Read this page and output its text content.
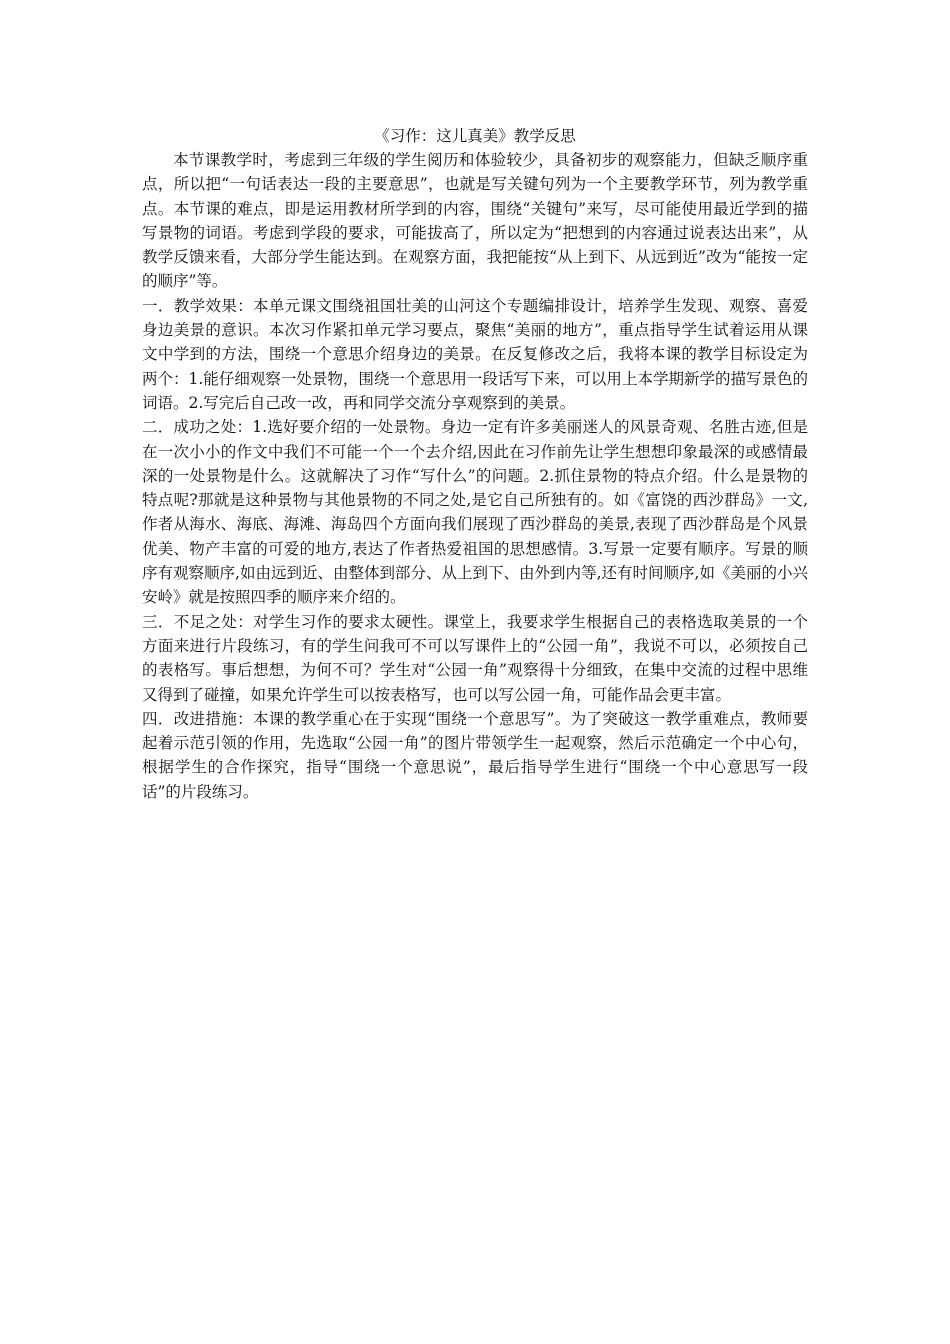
《习作：这儿真美》教学反思

本节课教学时，考虑到三年级的学生阅历和体验较少，具备初步的观察能力，但缺乏顺序重点，所以把“一句话表达一段的主要意思”，也就是写关键句列为一个主要教学环节，列为教学重点。本节课的难点，即是运用教材所学到的内容，围绕“关键句”来写，尽可能使用最近学到的描写景物的词语。考虑到学段的要求，可能拔高了，所以定为“把想到的内容通过说表达出来”，从教学反馈来看，大部分学生能达到。在观察方面，我把能按“从上到下、从远到近”改为“能按一定的顺序”等。

一．教学效果：本单元课文围绕祖国壮美的山河这个专题编排设计，培养学生发现、观察、喜爱身边美景的意识。本次习作紧扣单元学习要点，聚焦“美丽的地方”，重点指导学生试着运用从课文中学到的方法，围绕一个意思介绍身边的美景。在反复修改之后，我将本课的教学目标设定为两个：1.能仔细观察一处景物，围绕一个意思用一段话写下来，可以用上本学期新学的描写景色的词语。2.写完后自己改一改，再和同学交流分享观察到的美景。

二．成功之处：1.选好要介绍的一处景物。身边一定有许多美丽迷人的风景奇观、名胜古迹,但是在一次小小的作文中我们不可能一个一个去介绍,因此在习作前先让学生想想印象最深的或感情最深的一处景物是什么。这就解决了习作“写什么”的问题。2.抓住景物的特点介绍。什么是景物的特点呢?那就是这种景物与其他景物的不同之处,是它自己所独有的。如《富饶的西沙群岛》一文,作者从海水、海底、海滩、海岛四个方面向我们展现了西沙群岛的美景,表现了西沙群岛是个风景优美、物产丰富的可爱的地方,表达了作者热爱祖国的思想感情。3.写景一定要有顺序。写景的顺序有观察顺序,如由远到近、由整体到部分、从上到下、由外到内等,还有时间顺序,如《美丽的小兴安岭》就是按照四季的顺序来介绍的。

三．不足之处：对学生习作的要求太硬性。课堂上，我要求学生根据自己的表格选取美景的一个方面来进行片段练习，有的学生问我可不可以写课件上的“公园一角”，我说不可以，必须按自己的表格写。事后想想，为何不可？学生对“公园一角”观察得十分细致，在集中交流的过程中思维又得到了碰撞，如果允许学生可以按表格写，也可以写公园一角，可能作品会更丰富。

四．改进措施：本课的教学重心在于实现“围绕一个意思写”。为了突破这一教学重难点，教师要起着示范引领的作用，先选取“公园一角”的图片带领学生一起观察，然后示范确定一个中心句，根据学生的合作探究，指导“围绕一个意思说”，最后指导学生进行“围绕一个中心意思写一段话”的片段练习。
